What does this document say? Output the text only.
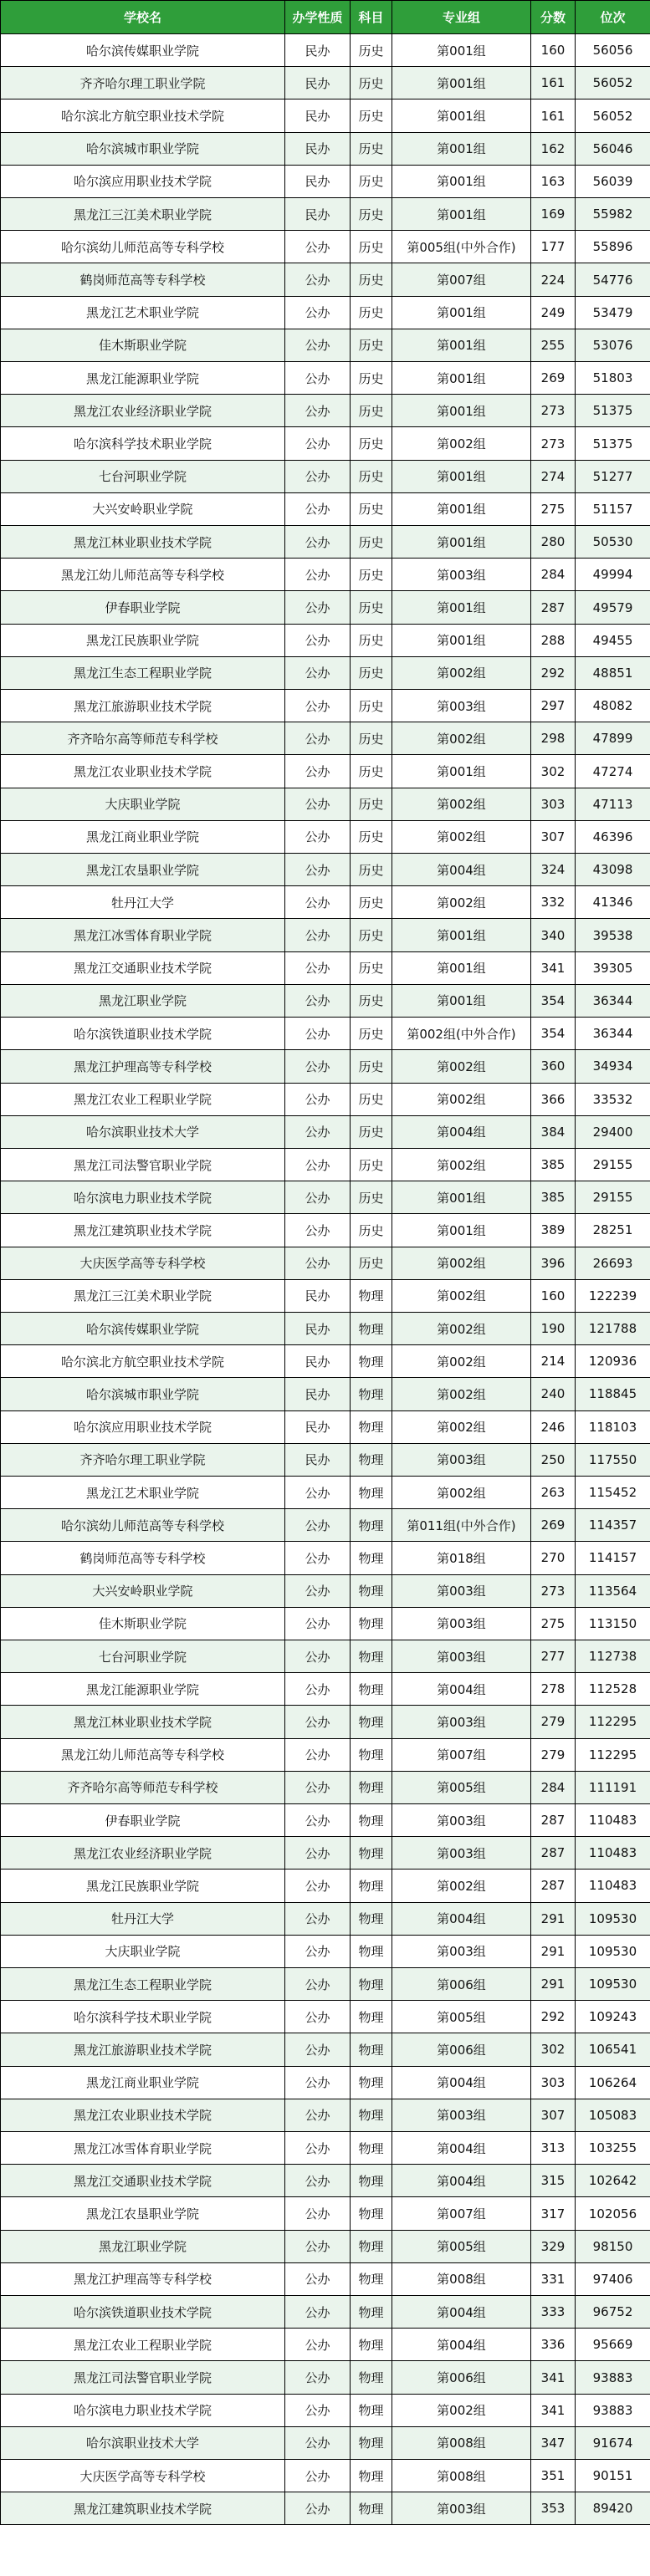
学校名	办学性质	科目	专业组	分数	位次
哈尔滨传媒职业学院	民办	历史	第001组	160	56056
齐齐哈尔理工职业学院	民办	历史	第001组	161	56052
哈尔滨北方航空职业技术学院	民办	历史	第001组	161	56052
哈尔滨城市职业学院	民办	历史	第001组	162	56046
哈尔滨应用职业技术学院	民办	历史	第001组	163	56039
黑龙江三江美术职业学院	民办	历史	第001组	169	55982
哈尔滨幼儿师范高等专科学校	公办	历史	第005组(中外合作)	177	55896
鹤岗师范高等专科学校	公办	历史	第007组	224	54776
黑龙江艺术职业学院	公办	历史	第001组	249	53479
佳木斯职业学院	公办	历史	第001组	255	53076
黑龙江能源职业学院	公办	历史	第001组	269	51803
黑龙江农业经济职业学院	公办	历史	第001组	273	51375
哈尔滨科学技术职业学院	公办	历史	第002组	273	51375
七台河职业学院	公办	历史	第001组	274	51277
大兴安岭职业学院	公办	历史	第001组	275	51157
黑龙江林业职业技术学院	公办	历史	第001组	280	50530
黑龙江幼儿师范高等专科学校	公办	历史	第003组	284	49994
伊春职业学院	公办	历史	第001组	287	49579
黑龙江民族职业学院	公办	历史	第001组	288	49455
黑龙江生态工程职业学院	公办	历史	第002组	292	48851
黑龙江旅游职业技术学院	公办	历史	第003组	297	48082
齐齐哈尔高等师范专科学校	公办	历史	第002组	298	47899
黑龙江农业职业技术学院	公办	历史	第001组	302	47274
大庆职业学院	公办	历史	第002组	303	47113
黑龙江商业职业学院	公办	历史	第002组	307	46396
黑龙江农垦职业学院	公办	历史	第004组	324	43098
牡丹江大学	公办	历史	第002组	332	41346
黑龙江冰雪体育职业学院	公办	历史	第001组	340	39538
黑龙江交通职业技术学院	公办	历史	第001组	341	39305
黑龙江职业学院	公办	历史	第001组	354	36344
哈尔滨铁道职业技术学院	公办	历史	第002组(中外合作)	354	36344
黑龙江护理高等专科学校	公办	历史	第002组	360	34934
黑龙江农业工程职业学院	公办	历史	第002组	366	33532
哈尔滨职业技术大学	公办	历史	第004组	384	29400
黑龙江司法警官职业学院	公办	历史	第002组	385	29155
哈尔滨电力职业技术学院	公办	历史	第001组	385	29155
黑龙江建筑职业技术学院	公办	历史	第001组	389	28251
大庆医学高等专科学校	公办	历史	第002组	396	26693
黑龙江三江美术职业学院	民办	物理	第002组	160	122239
哈尔滨传媒职业学院	民办	物理	第002组	190	121788
哈尔滨北方航空职业技术学院	民办	物理	第002组	214	120936
哈尔滨城市职业学院	民办	物理	第002组	240	118845
哈尔滨应用职业技术学院	民办	物理	第002组	246	118103
齐齐哈尔理工职业学院	民办	物理	第003组	250	117550
黑龙江艺术职业学院	公办	物理	第002组	263	115452
哈尔滨幼儿师范高等专科学校	公办	物理	第011组(中外合作)	269	114357
鹤岗师范高等专科学校	公办	物理	第018组	270	114157
大兴安岭职业学院	公办	物理	第003组	273	113564
佳木斯职业学院	公办	物理	第003组	275	113150
七台河职业学院	公办	物理	第003组	277	112738
黑龙江能源职业学院	公办	物理	第004组	278	112528
黑龙江林业职业技术学院	公办	物理	第003组	279	112295
黑龙江幼儿师范高等专科学校	公办	物理	第007组	279	112295
齐齐哈尔高等师范专科学校	公办	物理	第005组	284	111191
伊春职业学院	公办	物理	第003组	287	110483
黑龙江农业经济职业学院	公办	物理	第003组	287	110483
黑龙江民族职业学院	公办	物理	第002组	287	110483
牡丹江大学	公办	物理	第004组	291	109530
大庆职业学院	公办	物理	第003组	291	109530
黑龙江生态工程职业学院	公办	物理	第006组	291	109530
哈尔滨科学技术职业学院	公办	物理	第005组	292	109243
黑龙江旅游职业技术学院	公办	物理	第006组	302	106541
黑龙江商业职业学院	公办	物理	第004组	303	106264
黑龙江农业职业技术学院	公办	物理	第003组	307	105083
黑龙江冰雪体育职业学院	公办	物理	第004组	313	103255
黑龙江交通职业技术学院	公办	物理	第004组	315	102642
黑龙江农垦职业学院	公办	物理	第007组	317	102056
黑龙江职业学院	公办	物理	第005组	329	98150
黑龙江护理高等专科学校	公办	物理	第008组	331	97406
哈尔滨铁道职业技术学院	公办	物理	第004组	333	96752
黑龙江农业工程职业学院	公办	物理	第004组	336	95669
黑龙江司法警官职业学院	公办	物理	第006组	341	93883
哈尔滨电力职业技术学院	公办	物理	第002组	341	93883
哈尔滨职业技术大学	公办	物理	第008组	347	91674
大庆医学高等专科学校	公办	物理	第008组	351	90151
黑龙江建筑职业技术学院	公办	物理	第003组	353	89420
